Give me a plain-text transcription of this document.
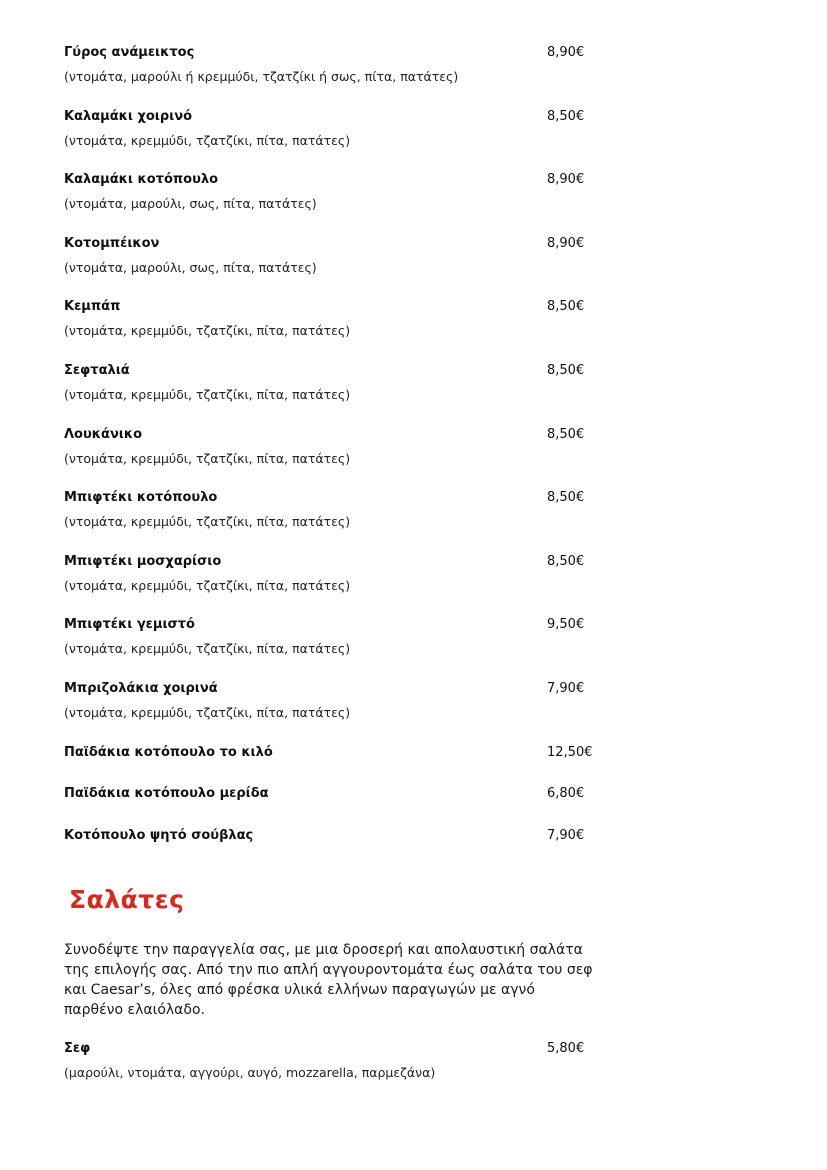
Γύρος ανάμεικτος	8,90€
(ντομάτα, μαρούλι ή κρεμμύδι, τζατζίκι ή σως, πίτα, πατάτες)
Καλαμάκι χοιρινό	8,50€
(ντομάτα, κρεμμύδι, τζατζίκι, πίτα, πατάτες)
Καλαμάκι κοτόπουλο	8,90€
(ντομάτα, μαρούλι, σως, πίτα, πατάτες)
Κοτομπέικον	8,90€
(ντομάτα, μαρούλι, σως, πίτα, πατάτες)
Κεμπάπ	8,50€
(ντομάτα, κρεμμύδι, τζατζίκι, πίτα, πατάτες)
Σεφταλιά	8,50€
(ντομάτα, κρεμμύδι, τζατζίκι, πίτα, πατάτες)
Λουκάνικο	8,50€
(ντομάτα, κρεμμύδι, τζατζίκι, πίτα, πατάτες)
Μπιφτέκι κοτόπουλο	8,50€
(ντομάτα, κρεμμύδι, τζατζίκι, πίτα, πατάτες)
Μπιφτέκι μοσχαρίσιο	8,50€
(ντομάτα, κρεμμύδι, τζατζίκι, πίτα, πατάτες)
Μπιφτέκι γεμιστό	9,50€
(ντομάτα, κρεμμύδι, τζατζίκι, πίτα, πατάτες)
Μπριζολάκια χοιρινά	7,90€
(ντομάτα, κρεμμύδι, τζατζίκι, πίτα, πατάτες)
Παϊδάκια κοτόπουλο το κιλό	12,50€
Παϊδάκια κοτόπουλο μερίδα	6,80€
Κοτόπουλο ψητό σούβλας	7,90€
Σαλάτες
Συνοδέψτε την παραγγελία σας, με μια δροσερή και απολαυστική σαλάτα της επιλογής σας. Από την πιο απλή αγγουροντομάτα έως σαλάτα του σεφ και Caesar’s, όλες από φρέσκα υλικά ελλήνων παραγωγών με αγνό παρθένο ελαιόλαδο.
Σεφ	5,80€
(μαρούλι, ντομάτα, αγγούρι, αυγό, mozzarella, παρμεζάνα)
